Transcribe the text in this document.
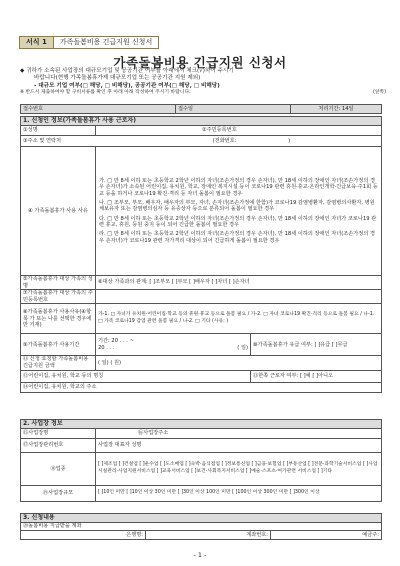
서식 1	가족돌봄비용 긴급지원 신청서
가족돌봄비용 긴급지원 신청서
◆ 귀하가 소속된 사업장의 대규모기업 및 공공기관 여부를 아래에서 체크(√)하여 주시기
바랍니다(현행 가족돌봄휴가제 대규모기업 또는 공공기관 지원 제외)
- 대규모 기업 여부(□ 해당, □ 비해당), 공공기관 여부(□ 해당, □ 비해당)
※ 반드시 제출하여야 할 구비서류를 확인 후 아래 아래 작성하여 주시기 바랍니다.	(앞쪽)
접수번호	접수일	처리기간: 14일
1. 신청인 정보(가족돌봄휴가 사용 근로자)		
①성명	②주민등록번호	
③주소 및 연락처 (전화번호: )		
④ 가족돌봄휴가 사용 사유	가. □ 만 8세 이하 또는 초등학교 2학년 이하의 자녀(조손가정의 경우 손자녀), 만 18세 이하의 장애인 자녀(조손가정의 경우 손자녀)가 소속된 어린이집, 유치원, 학교, 장애인 복지시설 등이 코로나19 관련 휴원·휴교·온라인개학·긴급보육·주1회 등교 등을 하거나 코로나19 확진·격리 등 자녀 돌봄이 필요한 경우
나. □ 조부모, 부모, 배우자, 배우자의 부모, 자녀, 손자녀(조손가정에 한함)가 코로나19 감염병환자, 감염병의사환자, 병원체보유자 또는 감염병의심자 등 유증상자 등으로 분류되어 돌봄이 필요한 경우
다. □ 만 8세 이하 또는 초등학교 2학년 이하의 자녀(조손가정의 경우 손자녀), 만 18세 이하의 장애인 자녀가 코로나19 관련 휴교, 휴원, 등원 중지 등이 되어 긴급한 돌봄이 필요한 경우
라. □ 만 8세 이하 또는 초등학교 2학년 이하의 자녀(조손가정의 경우 손자녀), 만 18세 이하의 장애인 자녀(조손가정의 경우 손자녀)가 코로나19 관련 자가격리 대상이 되어 긴급하게 돌봄이 필요한 경우	

⑤가족돌봄휴가 대상 가족의 성명	⑥대상 가족과의 관계: [ ]조부모 [ ]부모 [ ]배우자 [ ]자녀 [ ]손자녀	
⑦가족돌봄휴가 대상 가족의 주민등록번호		
⑧가족돌봄휴가 사용사유(④항목 가 또는 나를 선택한 경우에만 기재)	가-1. □ 자녀가 유치원·어린이집·학교 등의 휴원·휴교 등으로 돌봄 필요 / 가-2. □ 자녀 코로나19 확진·격리 등으로 돌봄 필요 / 나-1. □ 가족 코로나19 감염 관련 돌봄 필요 / 나-2. □ 기타 (사유: )	
⑨가족돌봄휴가 사용기간	기간: 20 . . . ~
20 . . . ( 일)	⑩가족돌봄휴가 유급 여부: [ ]유급 [ ]무급
⑪ 신청 요청할 가족돌봄비용 긴급지원 금액	( 일) ( 원)	
⑫어린이집, 유치원, 학교 등의 명칭		⑬한쪽 근로자 여부: [ ]예 [ ]아니오
⑭어린이집, 유치원, 학교의 주소		
2. 사업장 정보	
⑮사업장명	⑯사업장주소
⑰사업장관리번호	사업장 대표자 성명
⑱업종	[ ]제조업 [ ]건설업 [ ]운수업 [ ]도소매업 [ ]숙박·음식점업 [ ]정보통신업 [ ]금융·보험업 [ ]부동산업 [ ]전문·과학기술서비스업 [ ]사업시설관리·사업지원서비스업 [ ]교육서비스업 [ ]보건·사회복지서비스업 [ ]예술·스포츠·여가관련 서비스업 [ ]기타
⑲사업장규모	[ ]10인 미만 [ ]10인 이상 30인 미만 [ ]30인 이상 100인 미만 [ ]100인 이상 300인 미만 [ ]300인 이상
3. 신청내용
⑳돌봄비용 지급받을 계좌
은행명:	계좌번호:	예금주:
- 1 -
